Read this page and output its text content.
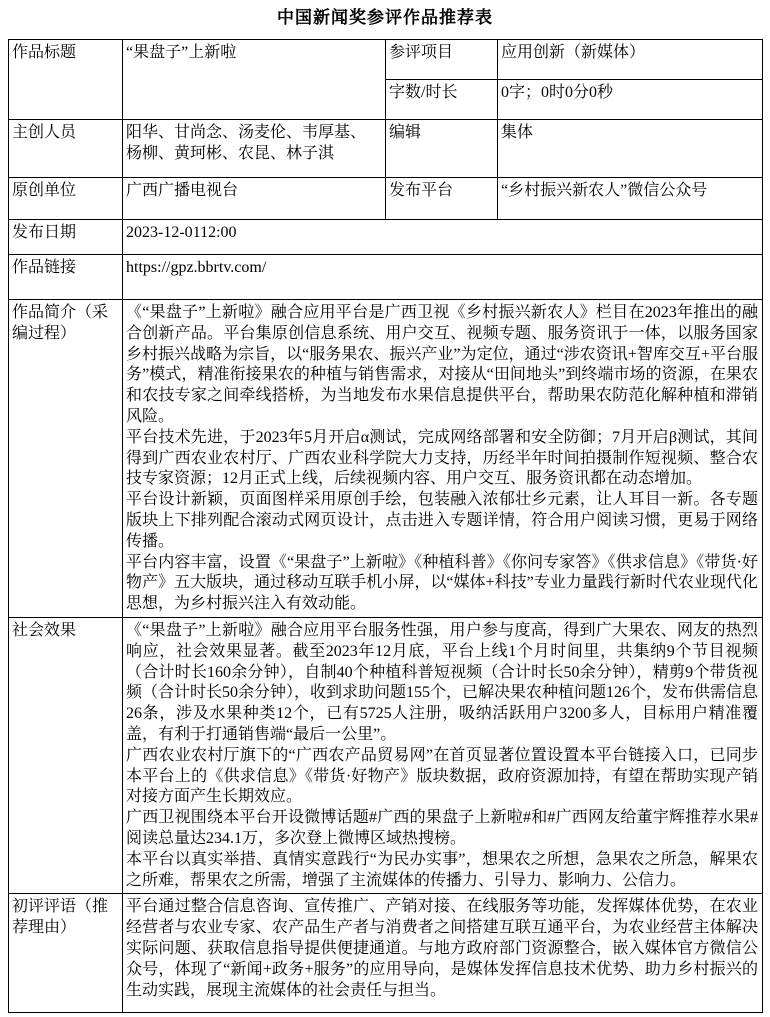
中国新闻奖参评作品推荐表
作品标题	“果盘子”上新啦	参评项目	应用创新（新媒体）
		字数/时长	0字；0时0分0秒
主创人员	阳华、甘尚念、汤麦伦、韦厚基、杨柳、黄珂彬、农昆、林子淇	编辑	集体
原创单位	广西广播电视台	发布平台	“乡村振兴新农人”微信公众号
发布日期	2023-12-0112:00		
作品链接	https://gpz.bbrtv.com/		
作品简介（采编过程）	《“果盘子”上新啦》融合应用平台是广西卫视《乡村振兴新农人》栏目在2023年推出的融合创新产品。平台集原创信息系统、用户交互、视频专题、服务资讯于一体，以服务国家乡村振兴战略为宗旨，以“服务果农、振兴产业”为定位，通过“涉农资讯+智库交互+平台服务”模式，精准衔接果农的种植与销售需求，对接从“田间地头”到终端市场的资源，在果农和农技专家之间牵线搭桥，为当地发布水果信息提供平台，帮助果农防范化解种植和滞销风险。

平台技术先进，于2023年5月开启α测试，完成网络部署和安全防御；7月开启β测试，其间得到广西农业农村厅、广西农业科学院大力支持，历经半年时间拍摄制作短视频、整合农技专家资源；12月正式上线，后续视频内容、用户交互、服务资讯都在动态增加。

平台设计新颖，页面图样采用原创手绘，包装融入浓郁壮乡元素，让人耳目一新。各专题版块上下排列配合滚动式网页设计，点击进入专题详情，符合用户阅读习惯，更易于网络传播。

平台内容丰富，设置《“果盘子”上新啦》《种植科普》《你问专家答》《供求信息》《带货·好物产》五大版块，通过移动互联手机小屏，以“媒体+科技”专业力量践行新时代农业现代化思想，为乡村振兴注入有效动能。		

社会效果	《“果盘子”上新啦》融合应用平台服务性强，用户参与度高，得到广大果农、网友的热烈响应，社会效果显著。截至2023年12月底，平台上线1个月时间里，共集纳9个节目视频（合计时长160余分钟），自制40个种植科普短视频（合计时长50余分钟），精剪9个带货视频（合计时长50余分钟），收到求助问题155个，已解决果农种植问题126个，发布供需信息26条，涉及水果种类12个，已有5725人注册，吸纳活跃用户3200多人，目标用户精准覆盖，有利于打通销售端“最后一公里”。

广西农业农村厅旗下的“广西农产品贸易网”在首页显著位置设置本平台链接入口，已同步本平台上的《供求信息》《带货·好物产》版块数据，政府资源加持，有望在帮助实现产销对接方面产生长期效应。

广西卫视围绕本平台开设微博话题#广西的果盘子上新啦#和#广西网友给董宇辉推荐水果#阅读总量达234.1万，多次登上微博区域热搜榜。

本平台以真实举措、真情实意践行“为民办实事”，想果农之所想，急果农之所急，解果农之所难，帮果农之所需，增强了主流媒体的传播力、引导力、影响力、公信力。		

初评评语（推荐理由）	平台通过整合信息咨询、宣传推广、产销对接、在线服务等功能，发挥媒体优势，在农业经营者与农业专家、农产品生产者与消费者之间搭建互联互通平台，为农业经营主体解决实际问题、获取信息指导提供便捷通道。与地方政府部门资源整合，嵌入媒体官方微信公众号，体现了“新闻+政务+服务”的应用导向，是媒体发挥信息技术优势、助力乡村振兴的生动实践，展现主流媒体的社会责任与担当。		
